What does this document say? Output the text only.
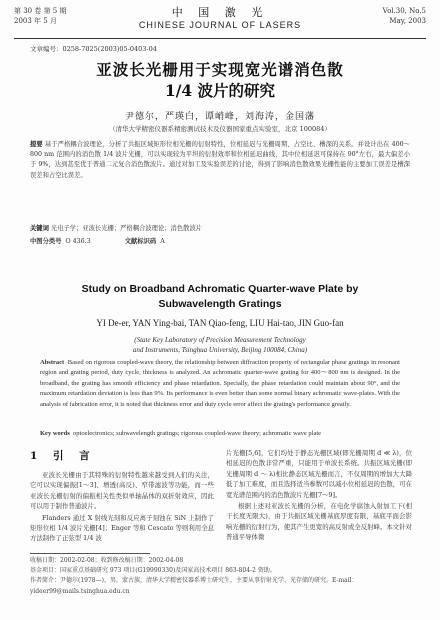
第 30 卷 第 5 期
2003 年 5 月
中 国 激 光
CHINESE JOURNAL OF LASERS
Vol.30, No.5
May, 2003
文章编号：0258-7025(2003)05-0403-04
亚波长光栅用于实现宽光谱消色散
1/4 波片的研究
尹德尔，严瑛白，谭峭峰，刘海涛，金国藩
（清华大学精密仪器系精密测试技术及仪器国家重点实验室，北京 100084）
提要 基于严格耦合波理论，分析了共振区域矩形位相光栅的衍射特性，位相延迟与光栅周期、占空比、槽深的关系。并设计出在 400～800 nm 范围内的消色散 1/4 波片光栅，可以实现较为平坦的衍射效率和位相延迟曲线，其中位相延迟可保持在 90°左右，最大偏差小于 9%，达到甚至优于普通二元复合消色散波片。通过对加工及实验误差的讨论，得到了影响消色散效果光栅性能的主要加工误差是槽深误差和占空比误差。
关键词 光电子学；亚波长光栅；严格耦合波理论；消色散波片
中图分类号 O 436.3	文献标识码 A
Study on Broadband Achromatic Quarter-wave Plate by
Subwavelength Gratings
YI De-er, YAN Ying-bai, TAN Qiao-feng, LIU Hai-tao, JIN Guo-fan
(State Key Laboratory of Precision Measurement Technology
and Instruments, Tsinghua University, Beijing 100084, China)
Abstract Based on rigorous coupled-wave theory, the relationship between diffraction property of rectangular phase gratings in resonant region and grating period, duty cycle, thickness is analyzed. An achromatic quarter-wave grating for 400～800 nm is designed. In the broadband, the grating has smooth efficiency and phase retardation. Specially, the phase retardation could maintain about 90°, and the maximum retardation deviation is less than 9%. Its performance is even better than some normal binary achromatic wave-plates. With the analysis of fabrication error, it is noted that thickness error and duty cycle error affect the grating's performance greatly.
Key words optoelectronics; subwavelength gratings; rigorous coupled-wave theory; achromatic wave plate
1 引 言

亚波长光栅由于其特殊的衍射特性越来越受到人们的关注，它可以实现偏振[1～3]、增透(高反)、窄带滤波等功能，而一些亚波长光栅衍射的偏振相关性类似单轴晶体的双折射效应，因此可以用于制作普通波片。

Flanders 通过 X 射线光刻和反应离子刻蚀在 SiN 上制作了矩形位相 1/4 波片光栅[4]；Enger 等和 Cescato 等则利用全息方法制作了正弦型 1/4 波

片光栅[5,6]，它们均处于静态光栅区域(即光栅周期 d ≪ λ)，位相延迟的色散非常严重，只能用于单波长系统。共振区域光栅(即光栅周期 d ～ λ)相比静态区域光栅而言，不仅周期的增加大大降低了加工难度，而且选择适当参数可以减小位相延迟的色散，可在宽光谱范围内的消色散波片光栅[7～9]。

根据上述对亚波长光栅的分析，在电化学腐蚀入射加工下(相干长度无限大)，由于共振区域光栅基底厚度有限，基底平面会影响光栅的衍射行为，使其产生更宽的高反射或全反射峰。本文针对普通平导体微

收稿日期：2002-02-08；收到修改稿日期：2002-04-08
基金项目：国家重点基础研究 973 项目(G19990330)及国家高技术项目 863-804-2 资助。
作者简介：尹德尔(1978—)，男，蒙古族，清华大学精密仪器系博士研究生，主要从事衍射光学、光存储的研究。E-mail：
yideer99@mails.tsinghua.edu.cn
